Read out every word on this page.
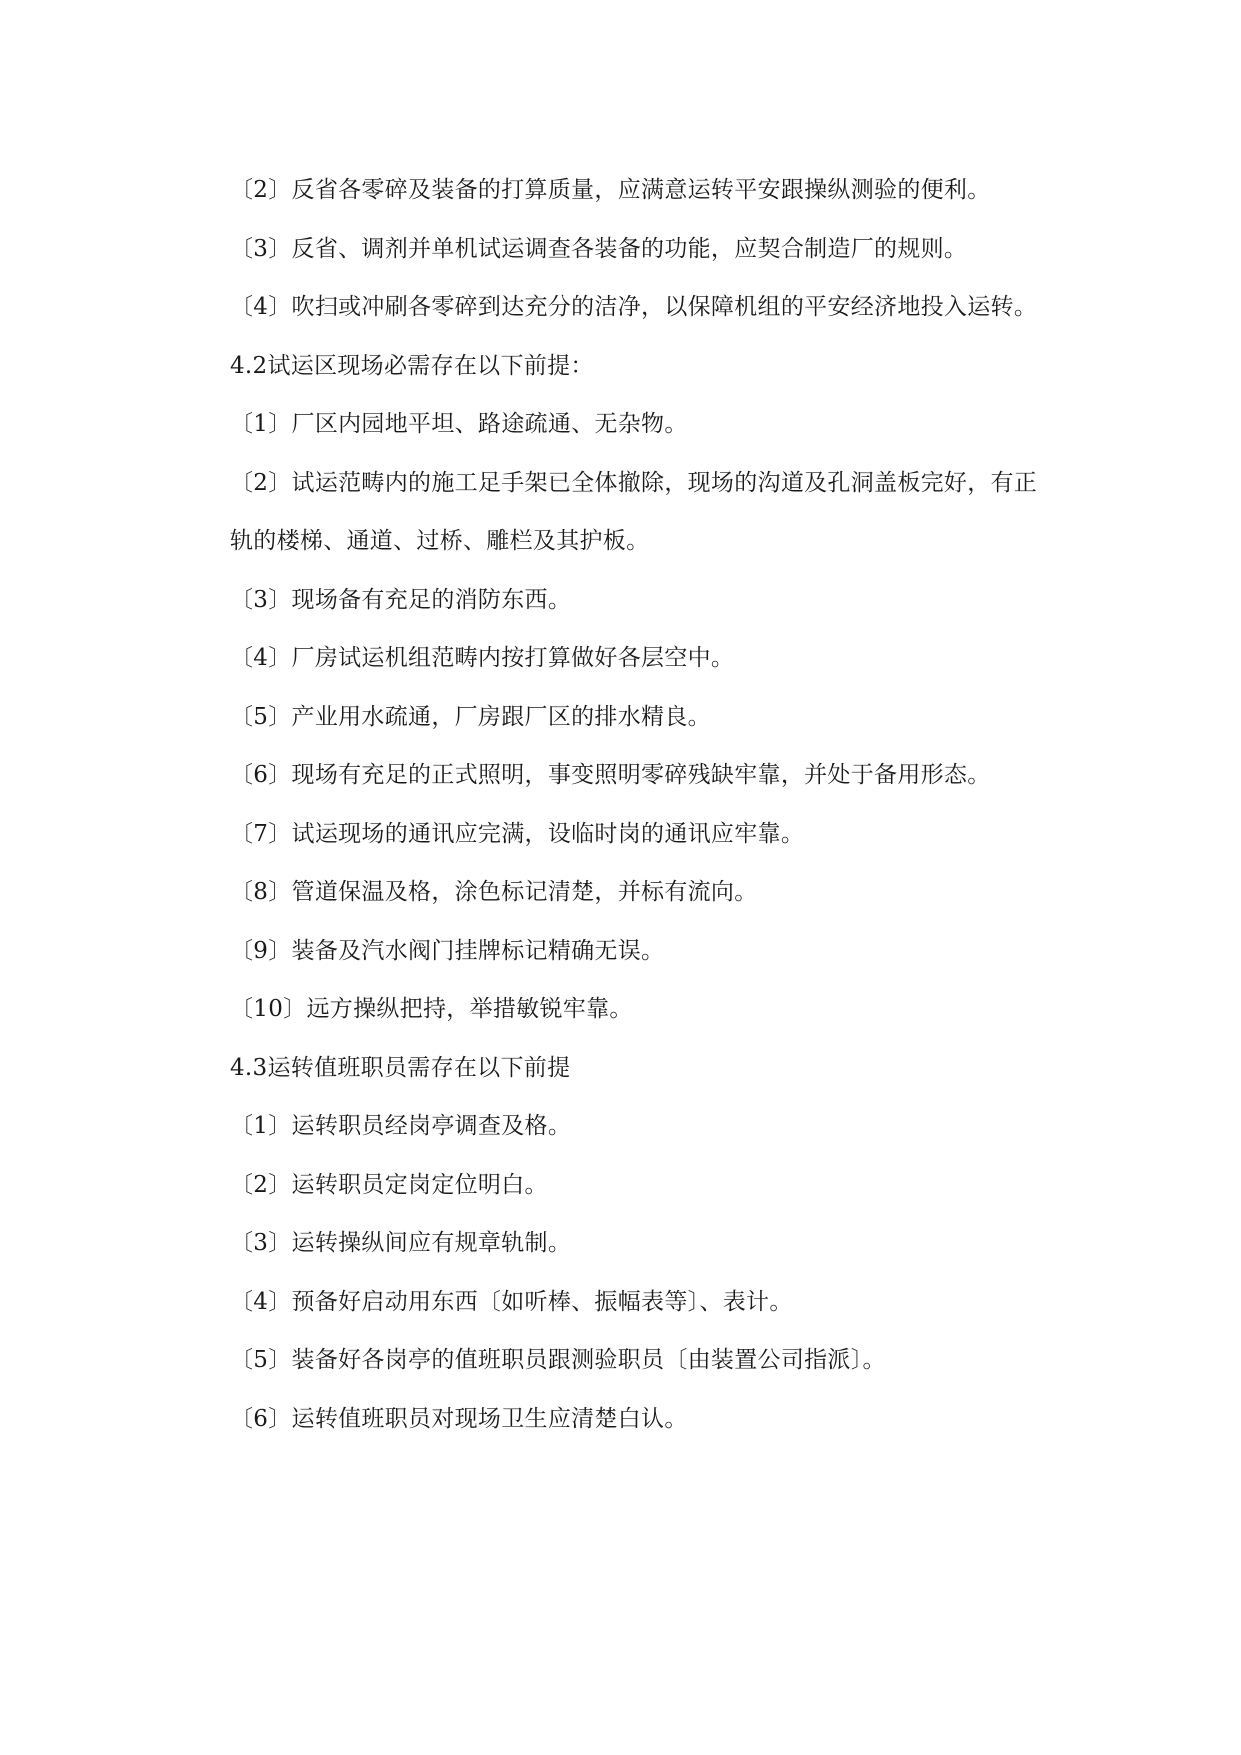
〔2〕反省各零碎及装备的打算质量，应满意运转平安跟操纵测验的便利。
〔3〕反省、调剂并单机试运调查各装备的功能，应契合制造厂的规则。
〔4〕吹扫或冲刷各零碎到达充分的洁净，以保障机组的平安经济地投入运转。
4.2试运区现场必需存在以下前提：
〔1〕厂区内园地平坦、路途疏通、无杂物。
〔2〕试运范畴内的施工足手架已全体撤除，现场的沟道及孔洞盖板完好，有正
轨的楼梯、通道、过桥、雕栏及其护板。
〔3〕现场备有充足的消防东西。
〔4〕厂房试运机组范畴内按打算做好各层空中。
〔5〕产业用水疏通，厂房跟厂区的排水精良。
〔6〕现场有充足的正式照明，事变照明零碎残缺牢靠，并处于备用形态。
〔7〕试运现场的通讯应完满，设临时岗的通讯应牢靠。
〔8〕管道保温及格，涂色标记清楚，并标有流向。
〔9〕装备及汽水阀门挂牌标记精确无误。
〔10〕远方操纵把持，举措敏锐牢靠。
4.3运转值班职员需存在以下前提
〔1〕运转职员经岗亭调查及格。
〔2〕运转职员定岗定位明白。
〔3〕运转操纵间应有规章轨制。
〔4〕预备好启动用东西〔如听棒、振幅表等〕、表计。
〔5〕装备好各岗亭的值班职员跟测验职员〔由装置公司指派〕。
〔6〕运转值班职员对现场卫生应清楚白认。
